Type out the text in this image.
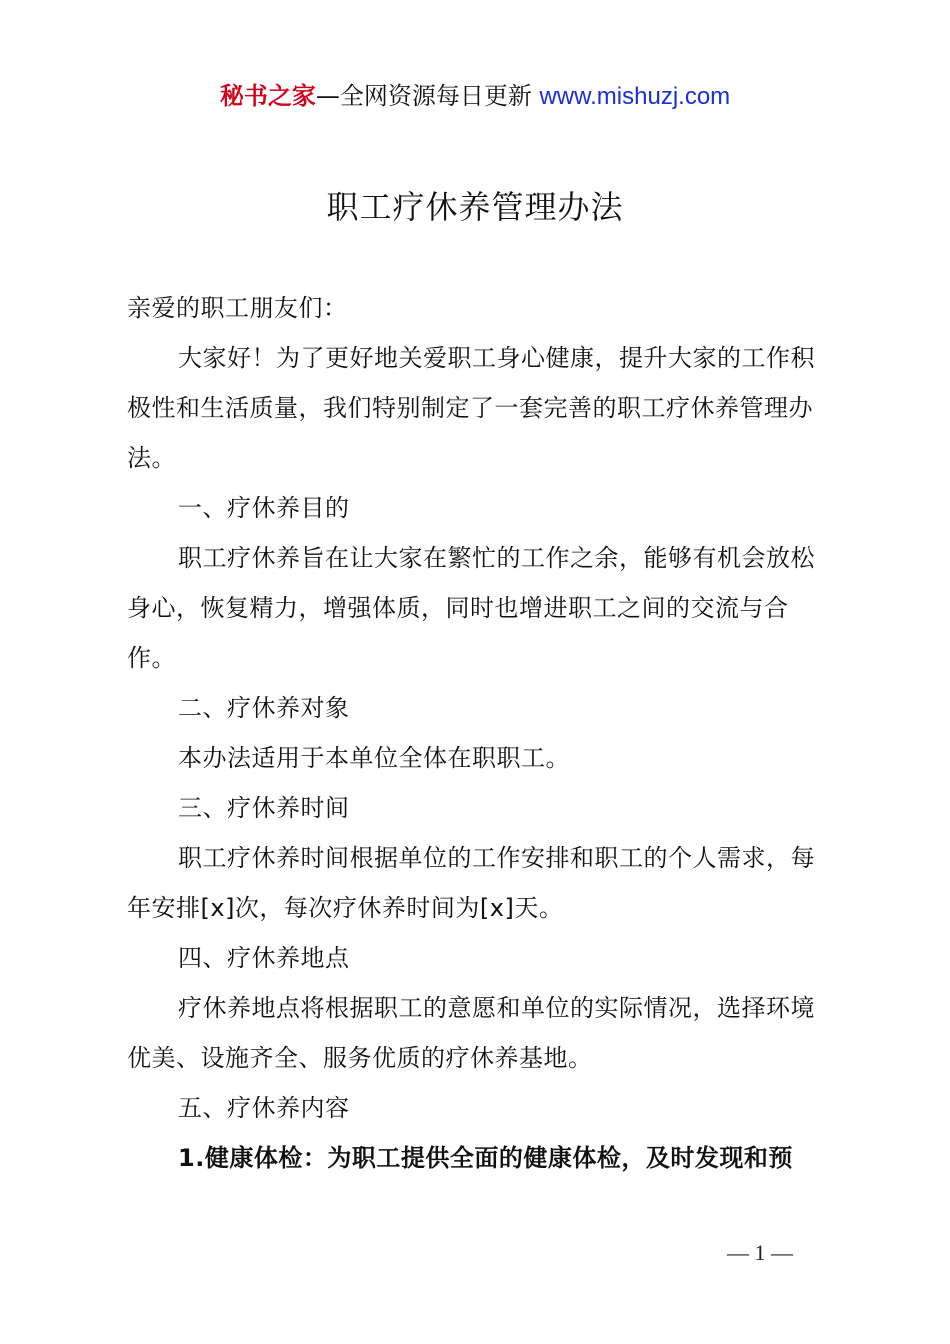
秘书之家—全网资源每日更新 www.mishuzj.com
职工疗休养管理办法

亲爱的职工朋友们：

大家好！为了更好地关爱职工身心健康，提升大家的工作积极性和生活质量，我们特别制定了一套完善的职工疗休养管理办法。

一、疗休养目的

职工疗休养旨在让大家在繁忙的工作之余，能够有机会放松身心，恢复精力，增强体质，同时也增进职工之间的交流与合作。

二、疗休养对象

本办法适用于本单位全体在职职工。

三、疗休养时间

职工疗休养时间根据单位的工作安排和职工的个人需求，每年安排[x]次，每次疗休养时间为[x]天。

四、疗休养地点

疗休养地点将根据职工的意愿和单位的实际情况，选择环境优美、设施齐全、服务优质的疗休养基地。

五、疗休养内容

1.健康体检：为职工提供全面的健康体检，及时发现和预

— 1 —
